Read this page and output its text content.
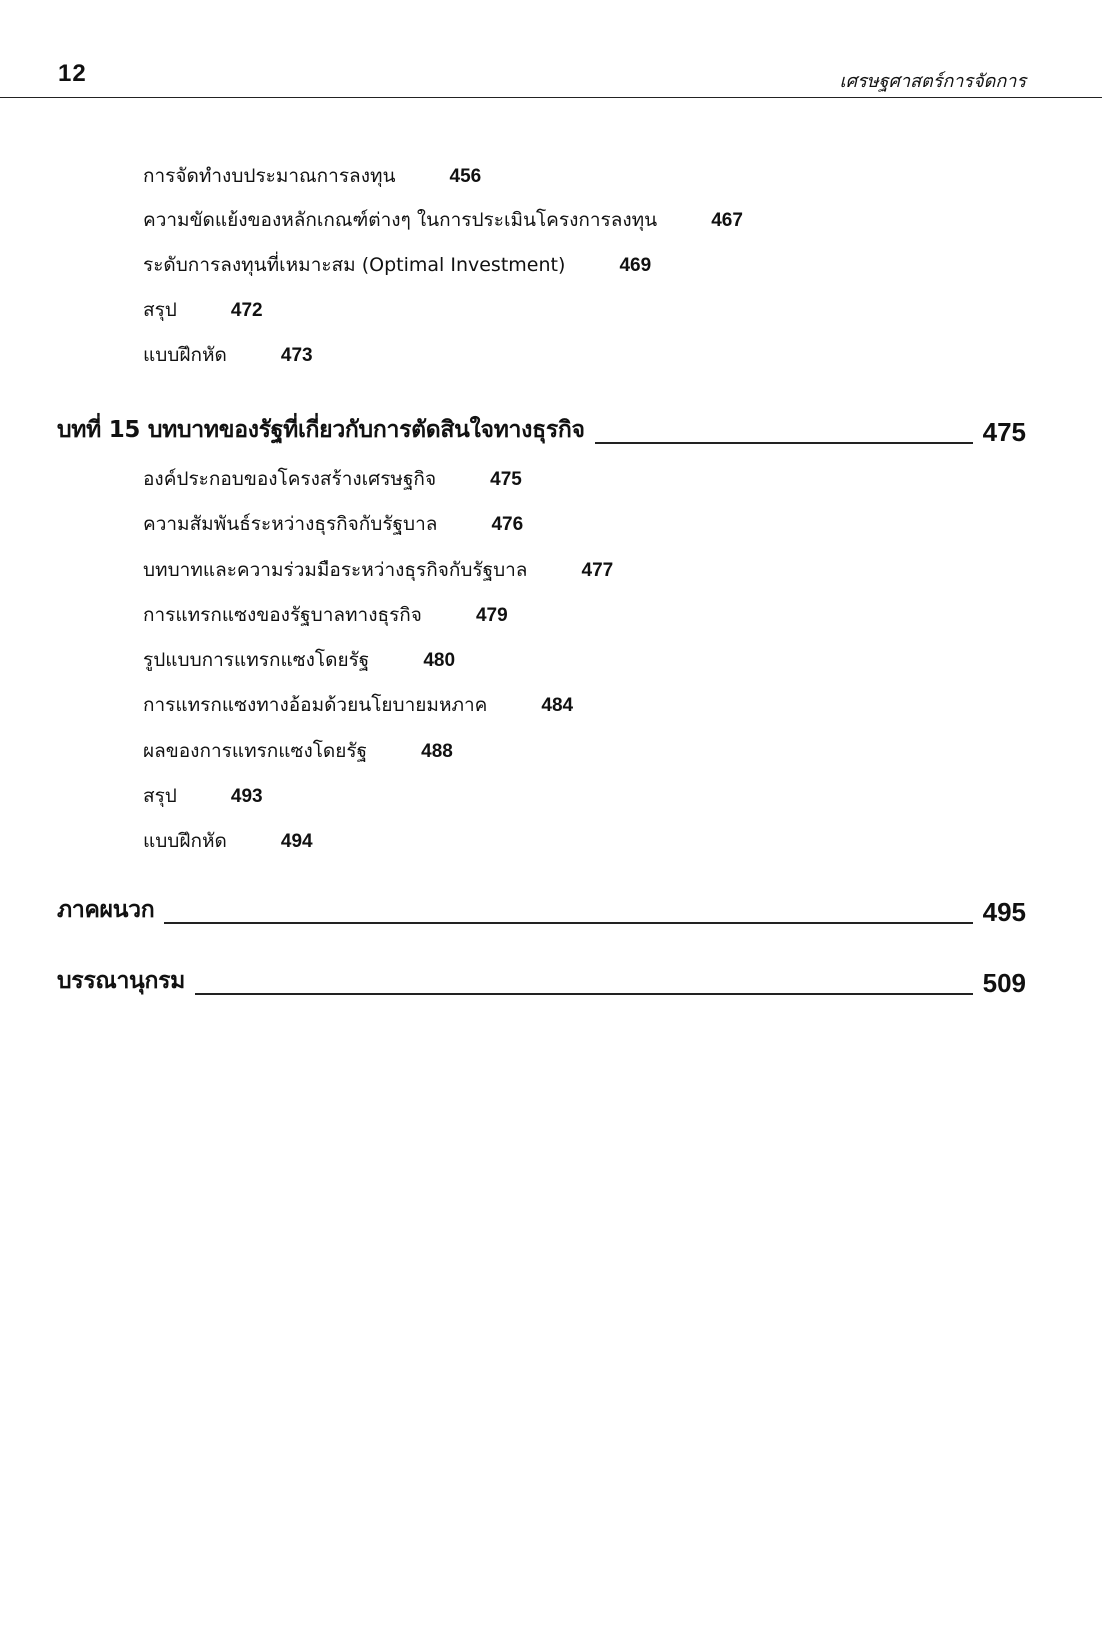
12	เศรษฐศาสตร์การจัดการ
การจัดทำงบประมาณการลงทุน	456
ความขัดแย้งของหลักเกณฑ์ต่างๆ ในการประเมินโครงการลงทุน	467
ระดับการลงทุนที่เหมาะสม (Optimal Investment)	469
สรุป	472
แบบฝึกหัด	473
บทที่ 15 บทบาทของรัฐที่เกี่ยวกับการตัดสินใจทางธุรกิจ	475
องค์ประกอบของโครงสร้างเศรษฐกิจ	475
ความสัมพันธ์ระหว่างธุรกิจกับรัฐบาล	476
บทบาทและความร่วมมือระหว่างธุรกิจกับรัฐบาล	477
การแทรกแซงของรัฐบาลทางธุรกิจ	479
รูปแบบการแทรกแซงโดยรัฐ	480
การแทรกแซงทางอ้อมด้วยนโยบายมหภาค	484
ผลของการแทรกแซงโดยรัฐ	488
สรุป	493
แบบฝึกหัด	494
ภาคผนวก	495
บรรณานุกรม	509
